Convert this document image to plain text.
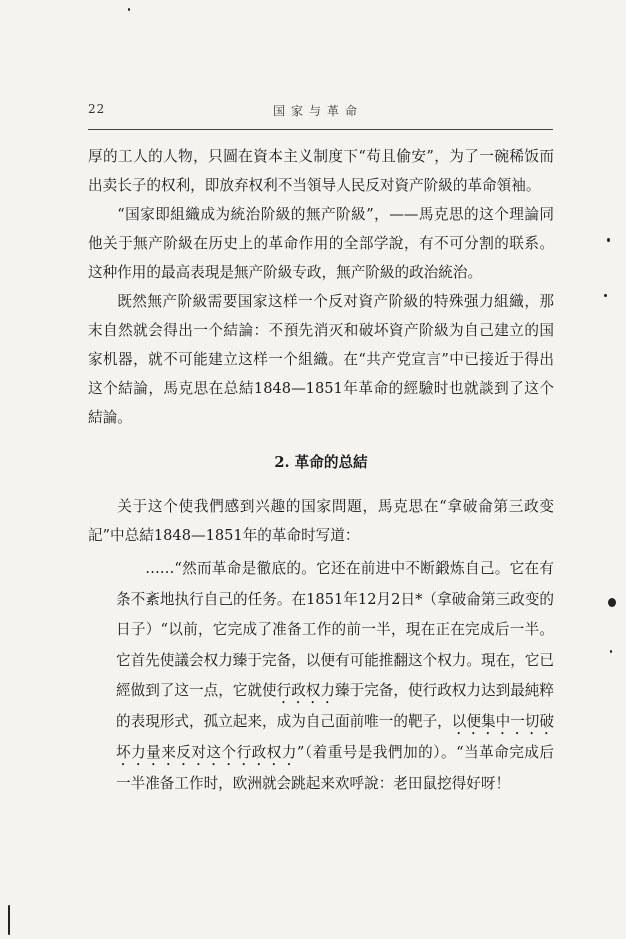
22	国家与革命

厚的工人的人物，只圖在資本主义制度下“苟且偷安”，为了一碗稀饭而出卖长子的权利，即放弃权利不当領导人民反对資产阶級的革命領袖。

“国家即組織成为統治阶級的無产阶級”，——馬克思的这个理論同他关于無产阶級在历史上的革命作用的全部学說，有不可分割的联系。这种作用的最高表現是無产阶級专政，無产阶級的政治統治。

既然無产阶級需要国家这样一个反对資产阶級的特殊强力組織，那末自然就会得出一个結論：不預先消灭和破坏資产阶級为自己建立的国家机器，就不可能建立这样一个組織。在“共产党宣言”中已接近于得出这个結論，馬克思在总結1848—1851年革命的經驗时也就談到了这个結論。

2. 革命的总結

关于这个使我們感到兴趣的国家問題，馬克思在“拿破侖第三政变記”中总結1848—1851年的革命时写道：

……“然而革命是徹底的。它还在前进中不断鍛炼自己。它在有条不紊地执行自己的任务。在1851年12月2日*（拿破侖第三政变的日子）“以前，它完成了准备工作的前一半，現在正在完成后一半。它首先使議会权力臻于完备，以便有可能推翻这个权力。現在，它已經做到了这一点，它就使行政权力臻于完备，使行政权力达到最純粹的表現形式，孤立起来，成为自己面前唯一的靶子，以便集中一切破坏力量来反对这个行政权力”（着重号是我們加的）。“当革命完成后一半准备工作时，欧洲就会跳起来欢呼說：老田鼠挖得好呀！
